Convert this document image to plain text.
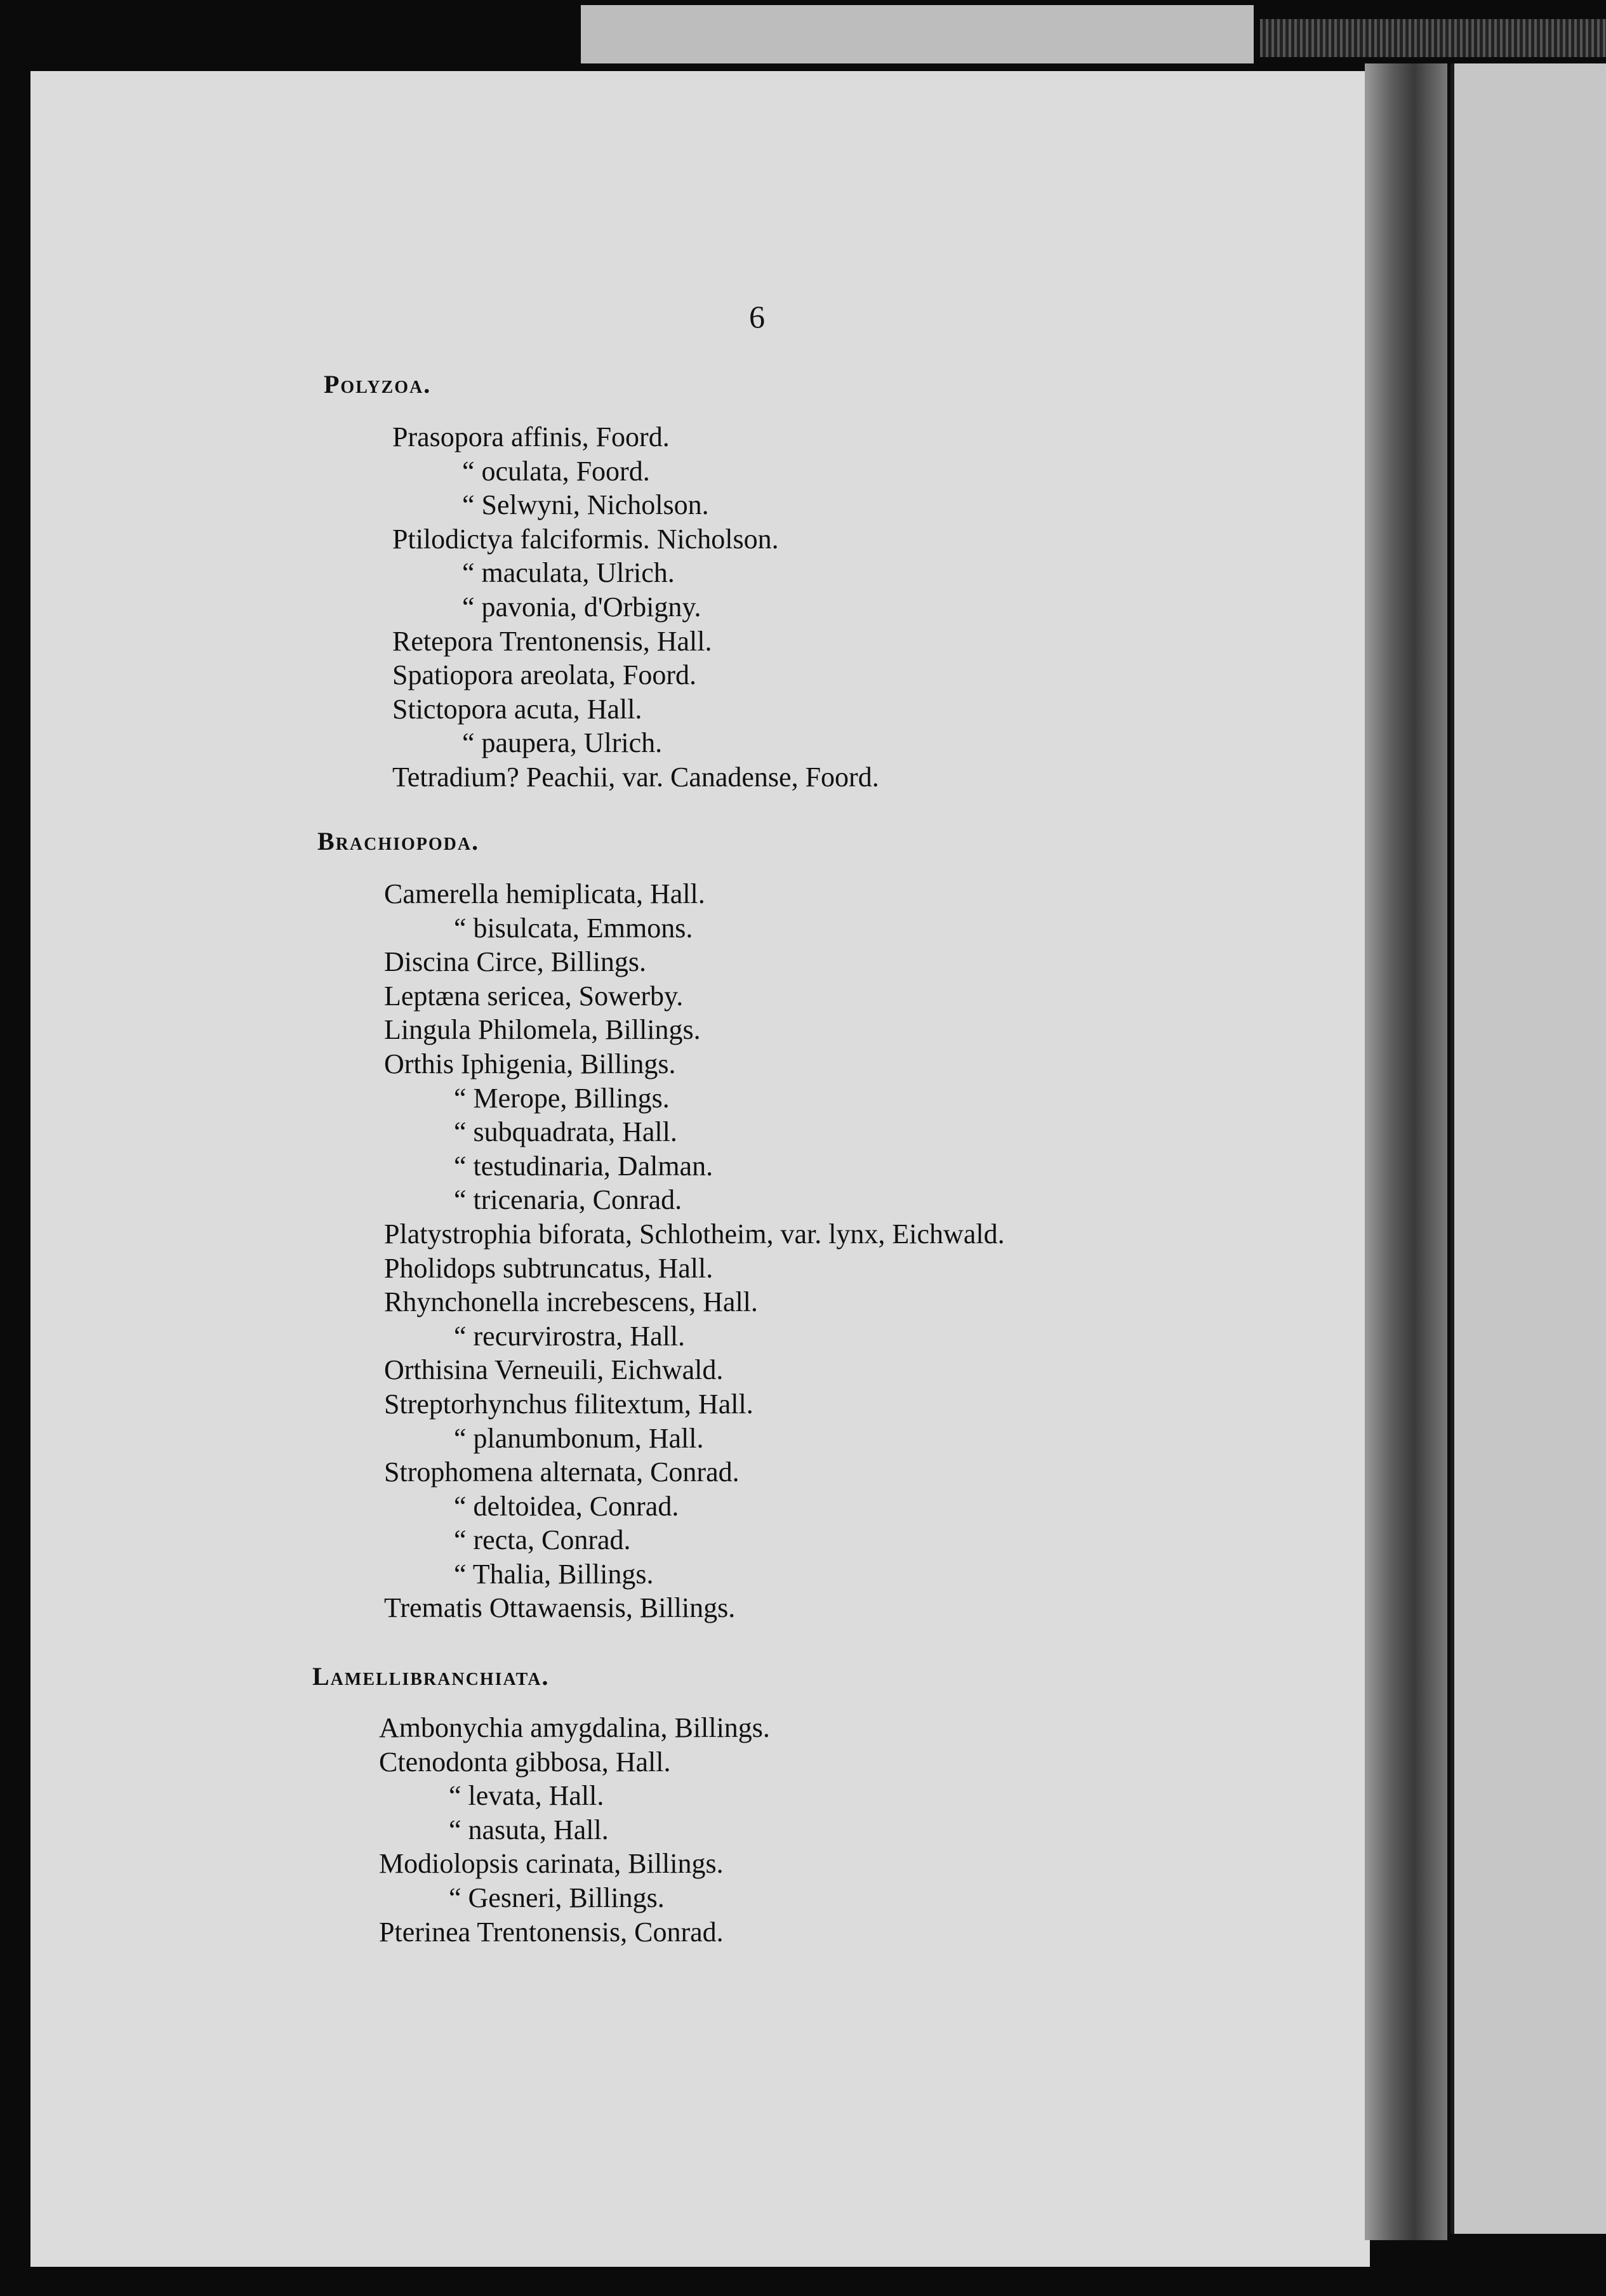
6
Polyzoa.
Prasopora affinis, Foord.
“ oculata, Foord.
“ Selwyni, Nicholson.
Ptilodictya falciformis. Nicholson.
“ maculata, Ulrich.
“ pavonia, d'Orbigny.
Retepora Trentonensis, Hall.
Spatiopora areolata, Foord.
Stictopora acuta, Hall.
“ paupera, Ulrich.
Tetradium? Peachii, var. Canadense, Foord.
Brachiopoda.
Camerella hemiplicata, Hall.
“ bisulcata, Emmons.
Discina Circe, Billings.
Leptæna sericea, Sowerby.
Lingula Philomela, Billings.
Orthis Iphigenia, Billings.
“ Merope, Billings.
“ subquadrata, Hall.
“ testudinaria, Dalman.
“ tricenaria, Conrad.
Platystrophia biforata, Schlotheim, var. lynx, Eichwald.
Pholidops subtruncatus, Hall.
Rhynchonella increbescens, Hall.
“ recurvirostra, Hall.
Orthisina Verneuili, Eichwald.
Streptorhynchus filitextum, Hall.
“ planumbonum, Hall.
Strophomena alternata, Conrad.
“ deltoidea, Conrad.
“ recta, Conrad.
“ Thalia, Billings.
Trematis Ottawaensis, Billings.
Lamellibranchiata.
Ambonychia amygdalina, Billings.
Ctenodonta gibbosa, Hall.
“ levata, Hall.
“ nasuta, Hall.
Modiolopsis carinata, Billings.
“ Gesneri, Billings.
Pterinea Trentonensis, Conrad.
